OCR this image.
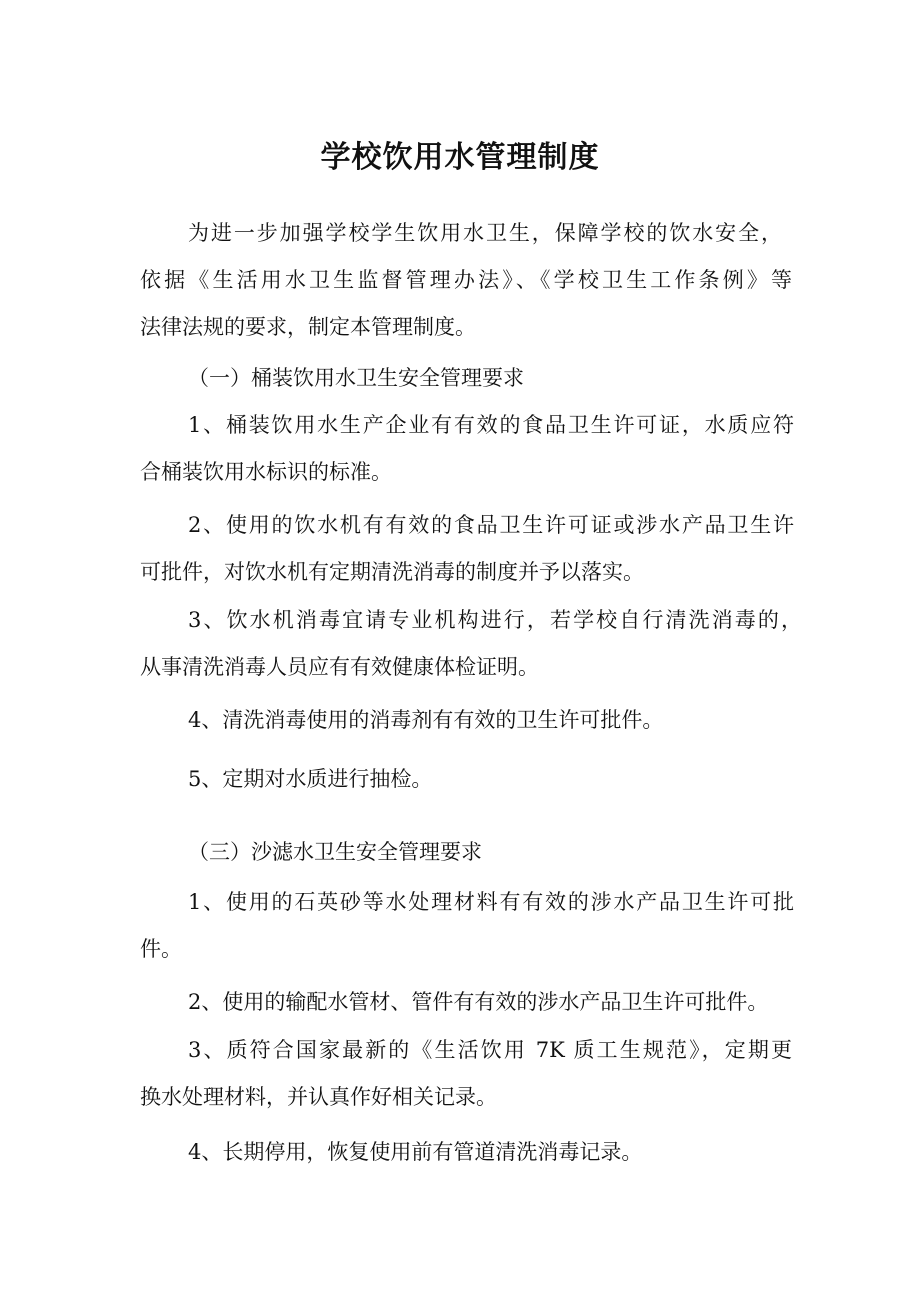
学校饮用水管理制度
为进一步加强学校学生饮用水卫生，保障学校的饮水安全，
依据《生活用水卫生监督管理办法》、《学校卫生工作条例》等
法律法规的要求，制定本管理制度。
（一）桶装饮用水卫生安全管理要求
1、桶装饮用水生产企业有有效的食品卫生许可证，水质应符
合桶装饮用水标识的标准。
2、使用的饮水机有有效的食品卫生许可证或涉水产品卫生许
可批件，对饮水机有定期清洗消毒的制度并予以落实。
3、饮水机消毒宜请专业机构进行，若学校自行清洗消毒的，
从事清洗消毒人员应有有效健康体检证明。
4、清洗消毒使用的消毒剂有有效的卫生许可批件。
5、定期对水质进行抽检。
（三）沙滤水卫生安全管理要求
1、使用的石英砂等水处理材料有有效的涉水产品卫生许可批
件。
2、使用的输配水管材、管件有有效的涉水产品卫生许可批件。
3、质符合国家最新的《生活饮用 7K 质工生规范》，定期更
换水处理材料，并认真作好相关记录。
4、长期停用，恢复使用前有管道清洗消毒记录。
